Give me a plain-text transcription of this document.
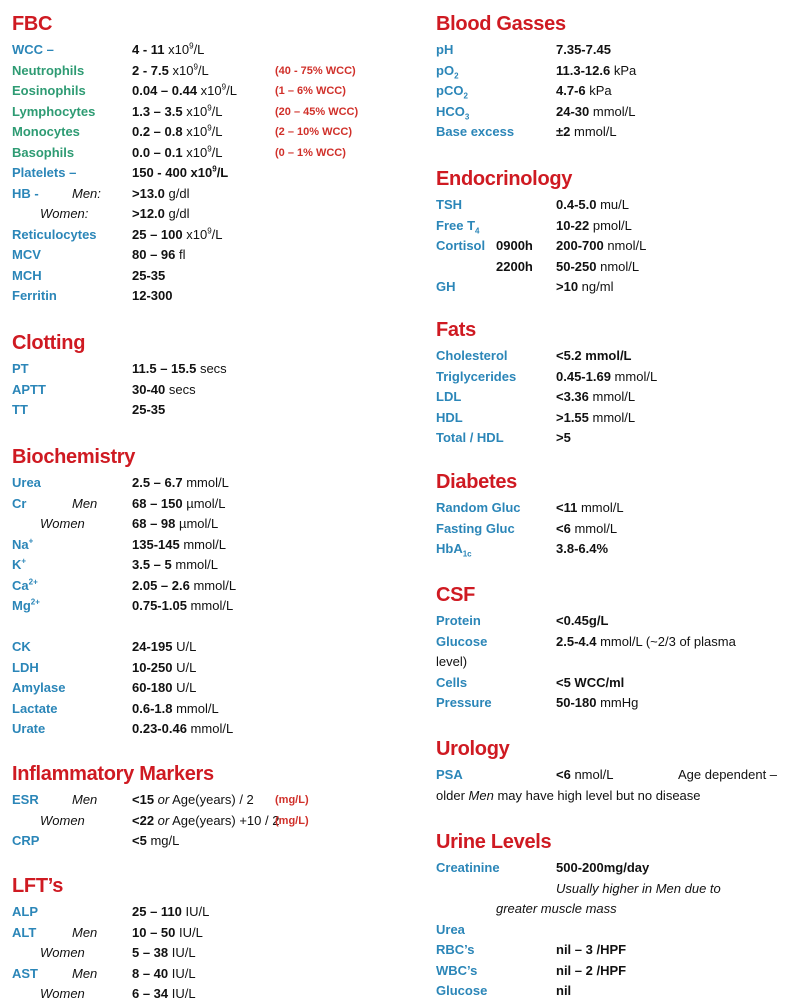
FBC
WCC –	4 - 11 $x10^9/L$
Neutrophils	2 - 7.5 $x10^9/L$	(40 - 75% WCC)
Eosinophils	0.04 – 0.44 $x10^9/L$	(1 – 6% WCC)
Lymphocytes	1.3 – 3.5 $x10^9/L$	(20 – 45% WCC)
Monocytes	0.2 – 0.8 $x10^9/L$	(2 – 10% WCC)
Basophils	0.0 – 0.1 $x10^9/L$	(0 – 1% WCC)
Platelets –	150 - 400 $x10^9/L$
HB -	Men: >13.0 g/dl
Women:	>12.0 g/dl
Reticulocytes	25 – 100 $x10^9/L$
MCV	80 – 96 fl
MCH	25-35
Ferritin	12-300
Clotting
PT	11.5 – 15.5 secs
APTT	30-40 secs
TT	25-35
Biochemistry
Urea	2.5 – 6.7 mmol/L
Cr	Men	68 – 150 µmol/L
Women	68 – 98 µmol/L
Na+	135-145 mmol/L
K+	3.5 – 5 mmol/L
$Ca^{2+}$	2.05 – 2.6 mmol/L
$Mg^{2+}$	0.75-1.05 mmol/L
CK	24-195 U/L
LDH	10-250 U/L
Amylase	60-180 U/L
Lactate	0.6-1.8 mmol/L
Urate	0.23-0.46 mmol/L
Inflammatory Markers
ESR	Men	<15 or Age(years) / 2 (mg/L)
Women	<22 or Age(years) +10 / 2
(mg/L)
CRP	<5 mg/L
LFT’s
ALP	25 – 110 IU/L
ALT	Men	10 – 50 IU/L
Women	5 – 38 IU/L
AST	Men	8 – 40 IU/L
Women	6 – 34 IU/L
Blood Gasses
pH	7.35-7.45
$pO_2$	11.3-12.6 kPa
pCO$_2$	4.7-6 kPa
$HCO_3$	24-30 mmol/L
Base excess	±2 mmol/L
Endocrinology
TSH	0.4-5.0 mu/L
Free $T_4$	10-22 pmol/L
Cortisol 0900h 200-700 nmol/L
2200h 50-250 nmol/L
GH	>10 ng/ml
Fats
Cholesterol	<5.2 mmol/L
Triglycerides	0.45-1.69 mmol/L
LDL	<3.36 mmol/L
HDL	>1.55 mmol/L
Total / HDL	>5
Diabetes
Random Gluc	<11 mmol/L
Fasting Gluc	<6 mmol/L
HbA$_{1c}$	3.8-6.4%
CSF
Protein	<0.45g/L
Glucose	2.5-4.4 mmol/L (~2/3 of plasma
level)
Cells	<5 WCC/ml
Pressure	50-180 mmHg
Urology
PSA	<6 nmol/L	Age dependent –
older Men may have high level but no disease
Urine Levels
Creatinine	500-200mg/day
Usually higher in Men due to
greater muscle mass
Urea
RBC’s	nil – 3 /HPF
WBC’s	nil – 2 /HPF
Glucose	nil
